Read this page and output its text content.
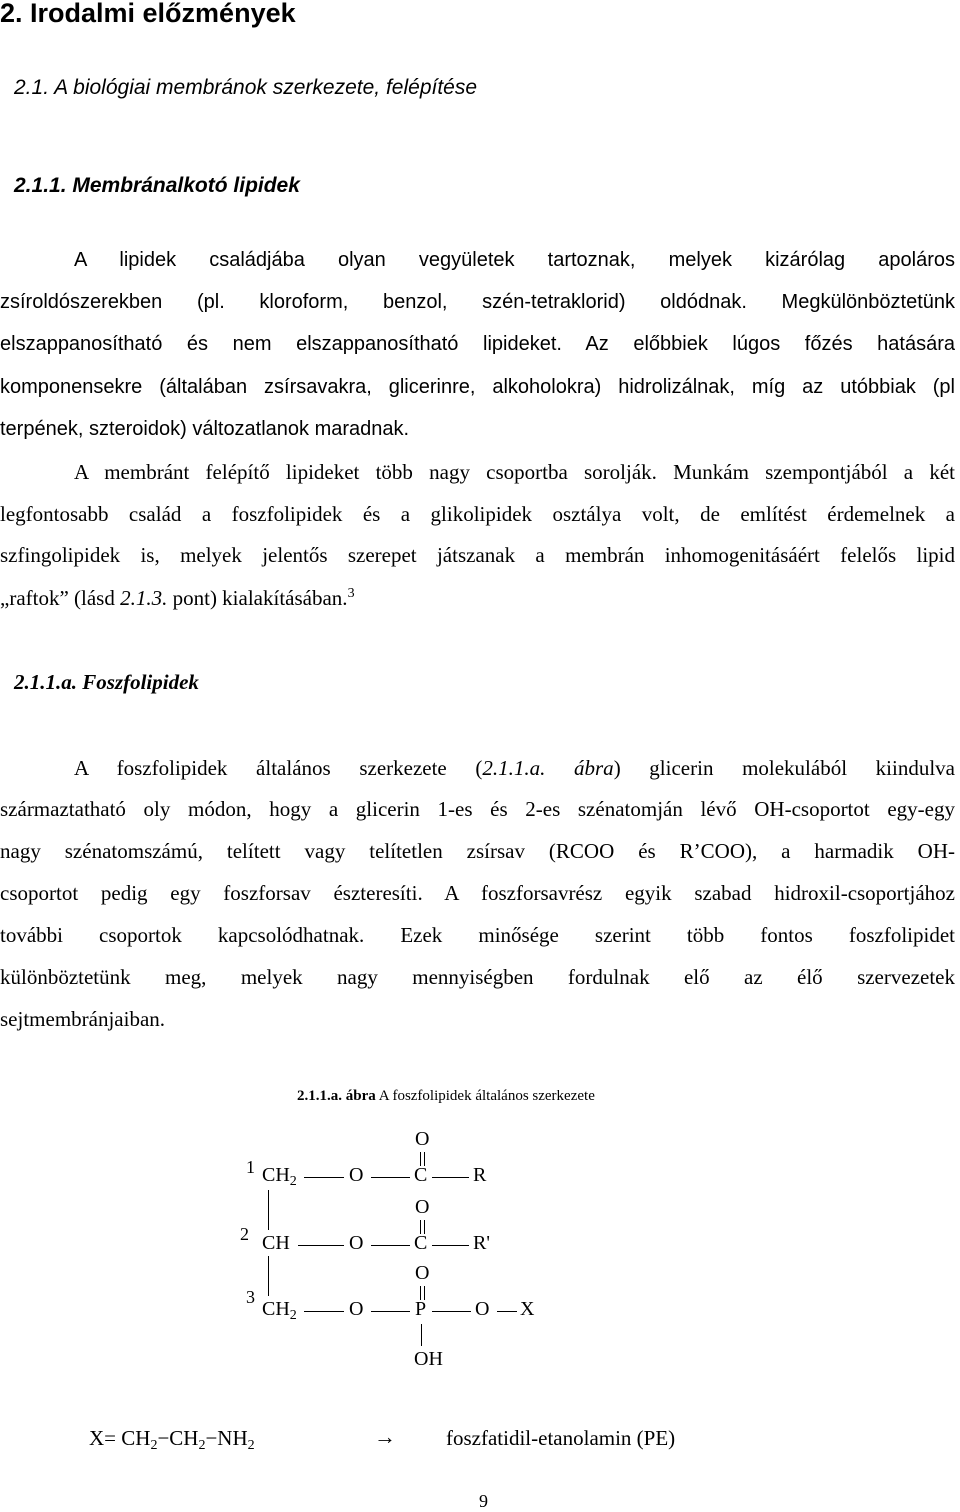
2. Irodalmi előzmények
2.1. A biológiai membránok szerkezete, felépítése
2.1.1. Membránalkotó lipidek
A lipidek családjába olyan vegyületek tartoznak, melyek kizárólag apoláros
zsíroldószerekben (pl. kloroform, benzol, szén-tetraklorid) oldódnak. Megkülönböztetünk
elszappanosítható és nem elszappanosítható lipideket. Az előbbiek lúgos főzés hatására
komponensekre (általában zsírsavakra, glicerinre, alkoholokra) hidrolizálnak, míg az utóbbiak (pl
terpének, szteroidok) változatlanok maradnak.
A membránt felépítő lipideket több nagy csoportba sorolják. Munkám szempontjából a két
legfontosabb család a foszfolipidek és a glikolipidek osztálya volt, de említést érdemelnek a
szfingolipidek is, melyek jelentős szerepet játszanak a membrán inhomogenitásáért felelős lipid
„raftok” (lásd 2.1.3. pont) kialakításában.$^3$
2.1.1.a. Foszfolipidek
A foszfolipidek általános szerkezete (2.1.1.a. ábra) glicerin molekulából kiindulva
származtatható oly módon, hogy a glicerin 1-es és 2-es szénatomján lévő OH-csoportot egy-egy
nagy szénatomszámú, telített vagy telítetlen zsírsav (RCOO és R’COO), a harmadik OH-
csoportot pedig egy foszforsav észteresíti. A foszforsavrész egyik szabad hidroxil-csoportjához
további csoportok kapcsolódhatnak. Ezek minősége szerint több fontos foszfolipidet
különböztetünk meg, melyek nagy mennyiségben fordulnak elő az élő szervezetek
sejtmembránjaiban.
2.1.1.a. ábra A foszfolipidek általános szerkezete
1 $CH_2$	O
O
C R
2 CH	O
O
C R'
3
$CH_2$	O
O
P O X
OH
$X= CH_2-CH_2-NH_2$	→ foszfatidil-etanolamin (PE)
9
